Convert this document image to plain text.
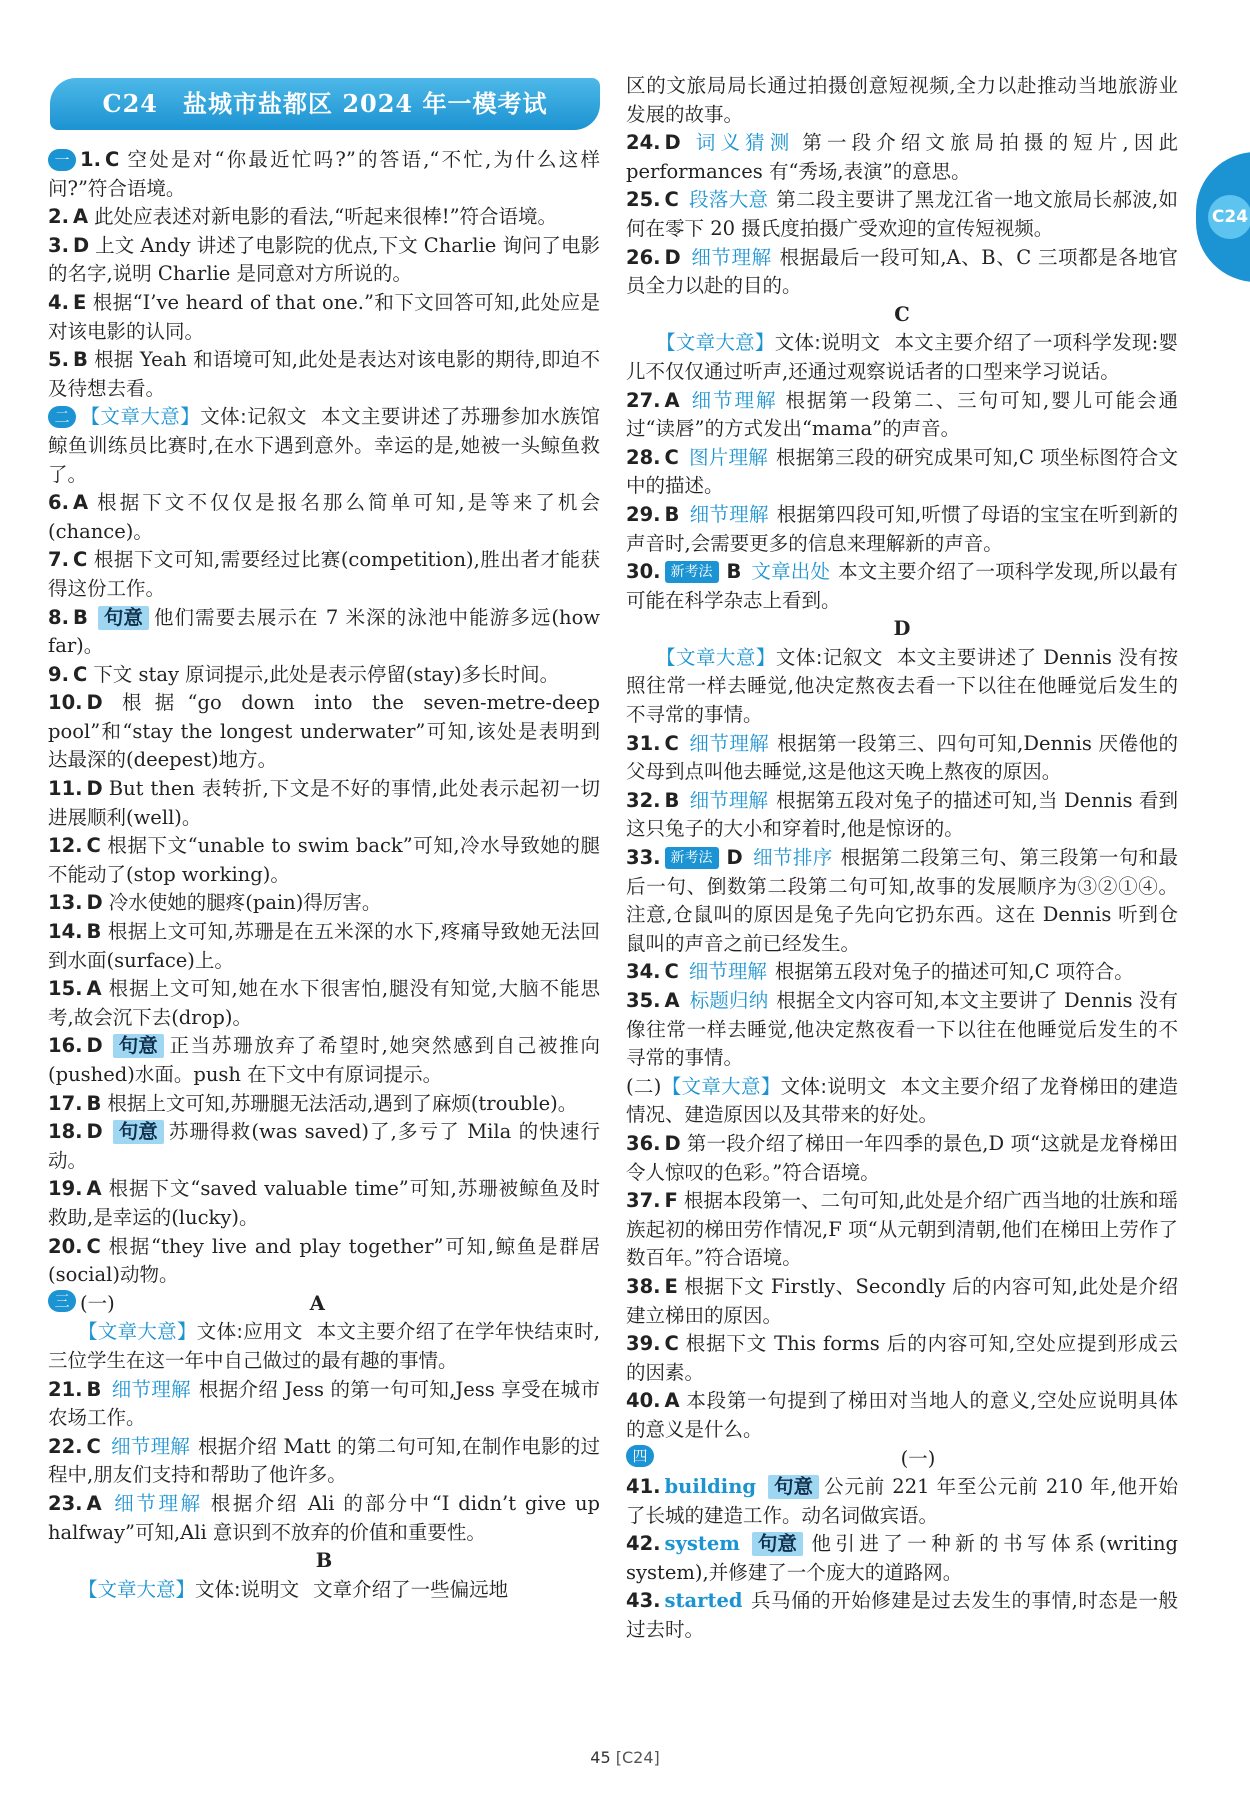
C24　盐城市盐都区 2024 年一模考试
C24

一 1. C 空处是对“你最近忙吗?”的答语,“不忙,为什么这样问?”符合语境。

2. A 此处应表述对新电影的看法,“听起来很棒!”符合语境。

3. D 上文 Andy 讲述了电影院的优点,下文 Charlie 询问了电影的名字,说明 Charlie 是同意对方所说的。

4. E 根据“I’ve heard of that one.”和下文回答可知,此处应是对该电影的认同。

5. B 根据 Yeah 和语境可知,此处是表达对该电影的期待,即迫不及待想去看。

二 【文章大意】文体:记叙文 本文主要讲述了苏珊参加水族馆鲸鱼训练员比赛时,在水下遇到意外。幸运的是,她被一头鲸鱼救了。

6. A 根据下文不仅仅是报名那么简单可知,是等来了机会(chance)。

7. C 根据下文可知,需要经过比赛(competition),胜出者才能获得这份工作。

8. B 句意 他们需要去展示在 7 米深的泳池中能游多远(how far)。

9. C 下文 stay 原词提示,此处是表示停留(stay)多长时间。

10. D 根据“go down into the seven-metre-deep pool”和“stay the longest underwater”可知,该处是表明到达最深的(deepest)地方。

11. D But then 表转折,下文是不好的事情,此处表示起初一切进展顺利(well)。

12. C 根据下文“unable to swim back”可知,冷水导致她的腿不能动了(stop working)。

13. D 冷水使她的腿疼(pain)得厉害。

14. B 根据上文可知,苏珊是在五米深的水下,疼痛导致她无法回到水面(surface)上。

15. A 根据上文可知,她在水下很害怕,腿没有知觉,大脑不能思考,故会沉下去(drop)。

16. D 句意 正当苏珊放弃了希望时,她突然感到自己被推向(pushed)水面。push 在下文中有原词提示。

17. B 根据上文可知,苏珊腿无法活动,遇到了麻烦(trouble)。

18. D 句意 苏珊得救(was saved)了,多亏了 Mila 的快速行动。

19. A 根据下文“saved valuable time”可知,苏珊被鲸鱼及时救助,是幸运的(lucky)。

20. C 根据“they live and play together”可知,鲸鱼是群居(social)动物。

三 (一)	A

【文章大意】文体:应用文 本文主要介绍了在学年快结束时,三位学生在这一年中自己做过的最有趣的事情。

21. B 细节理解 根据介绍 Jess 的第一句可知,Jess 享受在城市农场工作。

22. C 细节理解 根据介绍 Matt 的第二句可知,在制作电影的过程中,朋友们支持和帮助了他许多。

23. A 细节理解 根据介绍 Ali 的部分中“I didn’t give up halfway”可知,Ali 意识到不放弃的价值和重要性。

B

【文章大意】文体:说明文 文章介绍了一些偏远地

区的文旅局局长通过拍摄创意短视频,全力以赴推动当地旅游业发展的故事。

24. D 词义猜测 第一段介绍文旅局拍摄的短片,因此 performances 有“秀场,表演”的意思。

25. C 段落大意 第二段主要讲了黑龙江省一地文旅局长郝波,如何在零下 20 摄氏度拍摄广受欢迎的宣传短视频。

26. D 细节理解 根据最后一段可知,A、B、C 三项都是各地官员全力以赴的目的。

C

【文章大意】文体:说明文 本文主要介绍了一项科学发现:婴儿不仅仅通过听声,还通过观察说话者的口型来学习说话。

27. A 细节理解 根据第一段第二、三句可知,婴儿可能会通过“读唇”的方式发出“mama”的声音。

28. C 图片理解 根据第三段的研究成果可知,C 项坐标图符合文中的描述。

29. B 细节理解 根据第四段可知,听惯了母语的宝宝在听到新的声音时,会需要更多的信息来理解新的声音。

30. 新考法 B 文章出处 本文主要介绍了一项科学发现,所以最有可能在科学杂志上看到。

D

【文章大意】文体:记叙文 本文主要讲述了 Dennis 没有按照往常一样去睡觉,他决定熬夜去看一下以往在他睡觉后发生的不寻常的事情。

31. C 细节理解 根据第一段第三、四句可知,Dennis 厌倦他的父母到点叫他去睡觉,这是他这天晚上熬夜的原因。

32. B 细节理解 根据第五段对兔子的描述可知,当 Dennis 看到这只兔子的大小和穿着时,他是惊讶的。

33. 新考法 D 细节排序 根据第二段第三句、第三段第一句和最后一句、倒数第二段第二句可知,故事的发展顺序为③②①④。注意,仓鼠叫的原因是兔子先向它扔东西。这在 Dennis 听到仓鼠叫的声音之前已经发生。

34. C 细节理解 根据第五段对兔子的描述可知,C 项符合。

35. A 标题归纳 根据全文内容可知,本文主要讲了 Dennis 没有像往常一样去睡觉,他决定熬夜看一下以往在他睡觉后发生的不寻常的事情。

(二)【文章大意】文体:说明文 本文主要介绍了龙脊梯田的建造情况、建造原因以及其带来的好处。

36. D 第一段介绍了梯田一年四季的景色,D 项“这就是龙脊梯田令人惊叹的色彩。”符合语境。

37. F 根据本段第一、二句可知,此处是介绍广西当地的壮族和瑶族起初的梯田劳作情况,F 项“从元朝到清朝,他们在梯田上劳作了数百年。”符合语境。

38. E 根据下文 Firstly、Secondly 后的内容可知,此处是介绍建立梯田的原因。

39. C 根据下文 This forms 后的内容可知,空处应提到形成云的因素。

40. A 本段第一句提到了梯田对当地人的意义,空处应说明具体的意义是什么。

四	(一)

41. building 句意 公元前 221 年至公元前 210 年,他开始了长城的建造工作。动名词做宾语。

42. system 句意 他引进了一种新的书写体系(writing system),并修建了一个庞大的道路网。

43. started 兵马俑的开始修建是过去发生的事情,时态是一般过去时。

45 [C24]
